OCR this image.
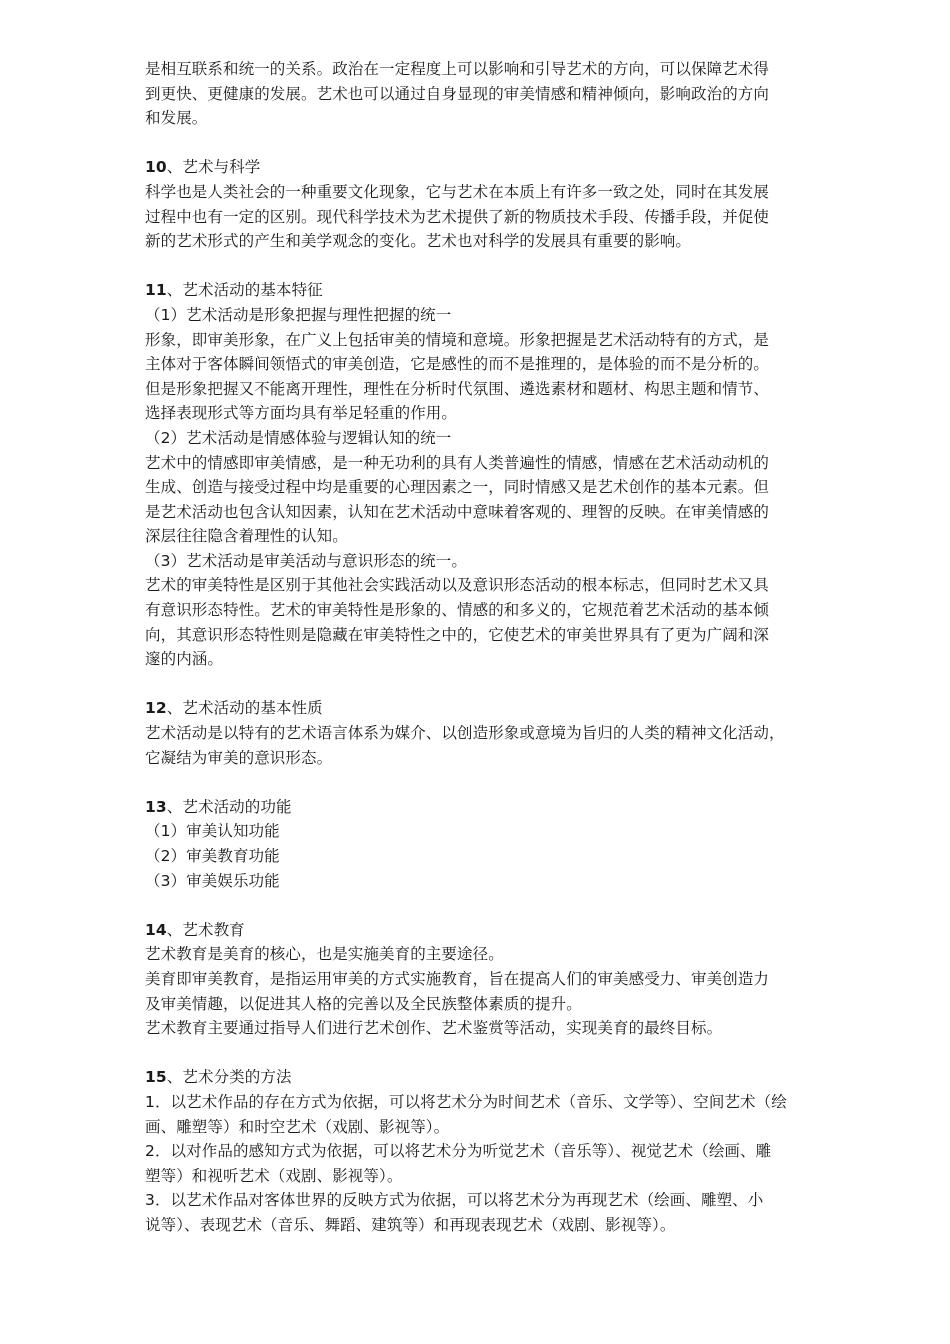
是相互联系和统一的关系。政治在一定程度上可以影响和引导艺术的方向，可以保障艺术得
到更快、更健康的发展。艺术也可以通过自身显现的审美情感和精神倾向，影响政治的方向
和发展。
10、艺术与科学
科学也是人类社会的一种重要文化现象，它与艺术在本质上有许多一致之处，同时在其发展
过程中也有一定的区别。现代科学技术为艺术提供了新的物质技术手段、传播手段，并促使
新的艺术形式的产生和美学观念的变化。艺术也对科学的发展具有重要的影响。
11、艺术活动的基本特征
（1）艺术活动是形象把握与理性把握的统一
形象，即审美形象，在广义上包括审美的情境和意境。形象把握是艺术活动特有的方式，是
主体对于客体瞬间领悟式的审美创造，它是感性的而不是推理的，是体验的而不是分析的。
但是形象把握又不能离开理性，理性在分析时代氛围、遴选素材和题材、构思主题和情节、
选择表现形式等方面均具有举足轻重的作用。
（2）艺术活动是情感体验与逻辑认知的统一
艺术中的情感即审美情感，是一种无功利的具有人类普遍性的情感，情感在艺术活动动机的
生成、创造与接受过程中均是重要的心理因素之一，同时情感又是艺术创作的基本元素。但
是艺术活动也包含认知因素，认知在艺术活动中意味着客观的、理智的反映。在审美情感的
深层往往隐含着理性的认知。
（3）艺术活动是审美活动与意识形态的统一。
艺术的审美特性是区别于其他社会实践活动以及意识形态活动的根本标志，但同时艺术又具
有意识形态特性。艺术的审美特性是形象的、情感的和多义的，它规范着艺术活动的基本倾
向，其意识形态特性则是隐藏在审美特性之中的，它使艺术的审美世界具有了更为广阔和深
邃的内涵。
12、艺术活动的基本性质
艺术活动是以特有的艺术语言体系为媒介、以创造形象或意境为旨归的人类的精神文化活动，
它凝结为审美的意识形态。
13、艺术活动的功能
（1）审美认知功能
（2）审美教育功能
（3）审美娱乐功能
14、艺术教育
艺术教育是美育的核心，也是实施美育的主要途径。
美育即审美教育，是指运用审美的方式实施教育，旨在提高人们的审美感受力、审美创造力
及审美情趣，以促进其人格的完善以及全民族整体素质的提升。
艺术教育主要通过指导人们进行艺术创作、艺术鉴赏等活动，实现美育的最终目标。
15、艺术分类的方法
1．以艺术作品的存在方式为依据，可以将艺术分为时间艺术（音乐、文学等）、空间艺术（绘
画、雕塑等）和时空艺术（戏剧、影视等）。
2．以对作品的感知方式为依据，可以将艺术分为听觉艺术（音乐等）、视觉艺术（绘画、雕
塑等）和视听艺术（戏剧、影视等）。
3．以艺术作品对客体世界的反映方式为依据，可以将艺术分为再现艺术（绘画、雕塑、小
说等）、表现艺术（音乐、舞蹈、建筑等）和再现表现艺术（戏剧、影视等）。
